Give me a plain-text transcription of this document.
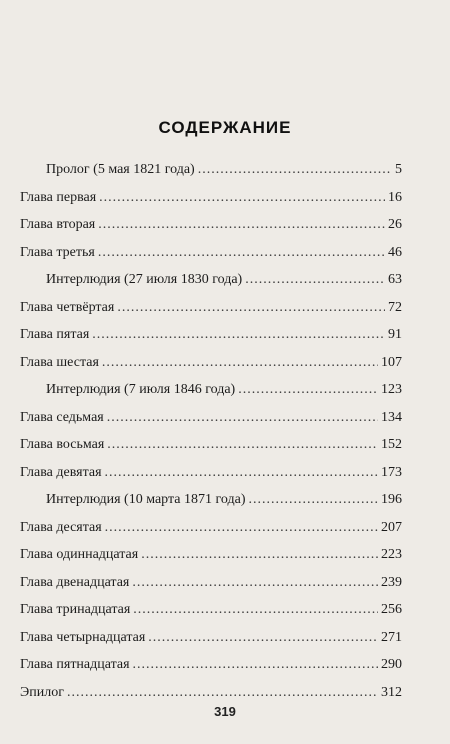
СОДЕРЖАНИЕ
Пролог (5 мая 1821 года) .....	5
Глава первая .....	16
Глава вторая .....	26
Глава третья .....	46
Интерлюдия (27 июля 1830 года) .....	63
Глава четвёртая .....	72
Глава пятая .....	91
Глава шестая .....	107
Интерлюдия (7 июля 1846 года) .....	123
Глава седьмая .....	134
Глава восьмая .....	152
Глава девятая .....	173
Интерлюдия (10 марта 1871 года) .....	196
Глава десятая .....	207
Глава одиннадцатая .....	223
Глава двенадцатая .....	239
Глава тринадцатая .....	256
Глава четырнадцатая .....	271
Глава пятнадцатая .....	290
Эпилог .....	312
319
